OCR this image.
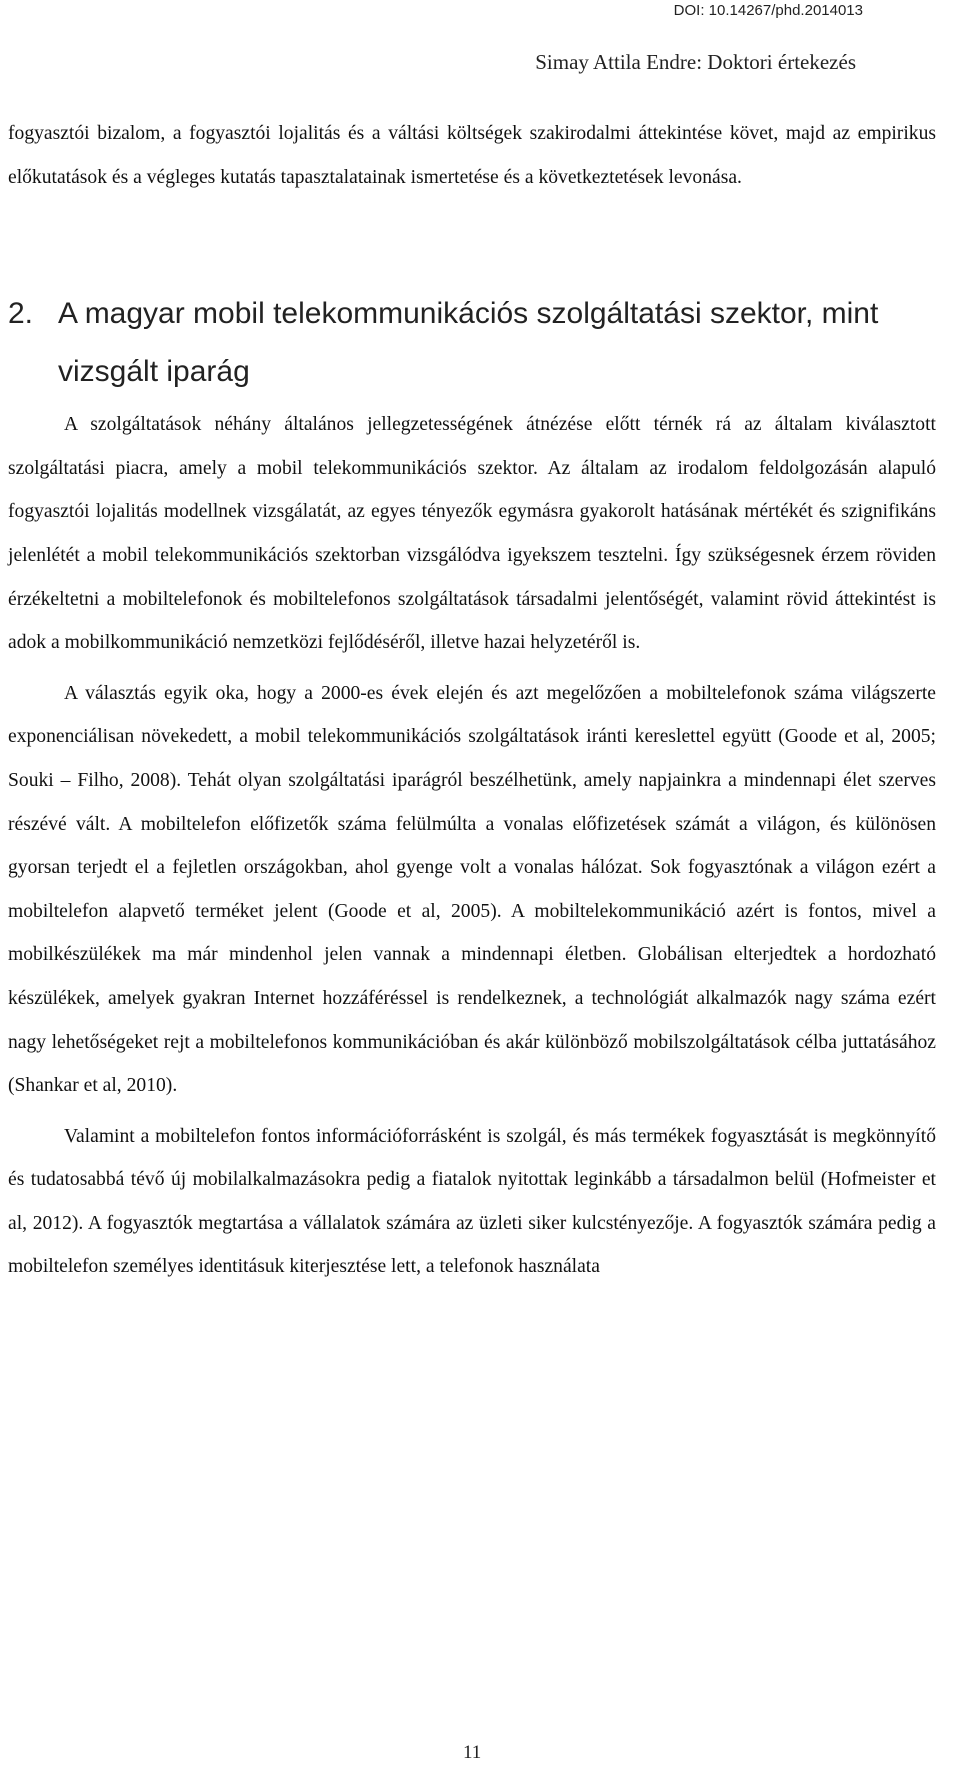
DOI: 10.14267/phd.2014013
Simay Attila Endre: Doktori értekezés

fogyasztói bizalom, a fogyasztói lojalitás és a váltási költségek szakirodalmi áttekintése követ, majd az empirikus előkutatások és a végleges kutatás tapasztalatainak ismertetése és a következtetések levonása.

2. A magyar mobil telekommunikációs szolgáltatási szektor, mint vizsgált iparág

A szolgáltatások néhány általános jellegzetességének átnézése előtt térnék rá az általam kiválasztott szolgáltatási piacra, amely a mobil telekommunikációs szektor. Az általam az irodalom feldolgozásán alapuló fogyasztói lojalitás modellnek vizsgálatát, az egyes tényezők egymásra gyakorolt hatásának mértékét és szignifikáns jelenlétét a mobil telekommunikációs szektorban vizsgálódva igyekszem tesztelni. Így szükségesnek érzem röviden érzékeltetni a mobiltelefonok és mobiltelefonos szolgáltatások társadalmi jelentőségét, valamint rövid áttekintést is adok a mobilkommunikáció nemzetközi fejlődéséről, illetve hazai helyzetéről is.

A választás egyik oka, hogy a 2000-es évek elején és azt megelőzően a mobiltelefonok száma világszerte exponenciálisan növekedett, a mobil telekommunikációs szolgáltatások iránti kereslettel együtt (Goode et al, 2005; Souki – Filho, 2008). Tehát olyan szolgáltatási iparágról beszélhetünk, amely napjainkra a mindennapi élet szerves részévé vált. A mobiltelefon előfizetők száma felülmúlta a vonalas előfizetések számát a világon, és különösen gyorsan terjedt el a fejletlen országokban, ahol gyenge volt a vonalas hálózat. Sok fogyasztónak a világon ezért a mobiltelefon alapvető terméket jelent (Goode et al, 2005). A mobiltelekommunikáció azért is fontos, mivel a mobilkészülékek ma már mindenhol jelen vannak a mindennapi életben. Globálisan elterjedtek a hordozható készülékek, amelyek gyakran Internet hozzáféréssel is rendelkeznek, a technológiát alkalmazók nagy száma ezért nagy lehetőségeket rejt a mobiltelefonos kommunikációban és akár különböző mobilszolgáltatások célba juttatásához (Shankar et al, 2010).

Valamint a mobiltelefon fontos információforrásként is szolgál, és más termékek fogyasztását is megkönnyítő és tudatosabbá tévő új mobilalkalmazásokra pedig a fiatalok nyitottak leginkább a társadalmon belül (Hofmeister et al, 2012). A fogyasztók megtartása a vállalatok számára az üzleti siker kulcstényezője. A fogyasztók számára pedig a mobiltelefon személyes identitásuk kiterjesztése lett, a telefonok használata

11
